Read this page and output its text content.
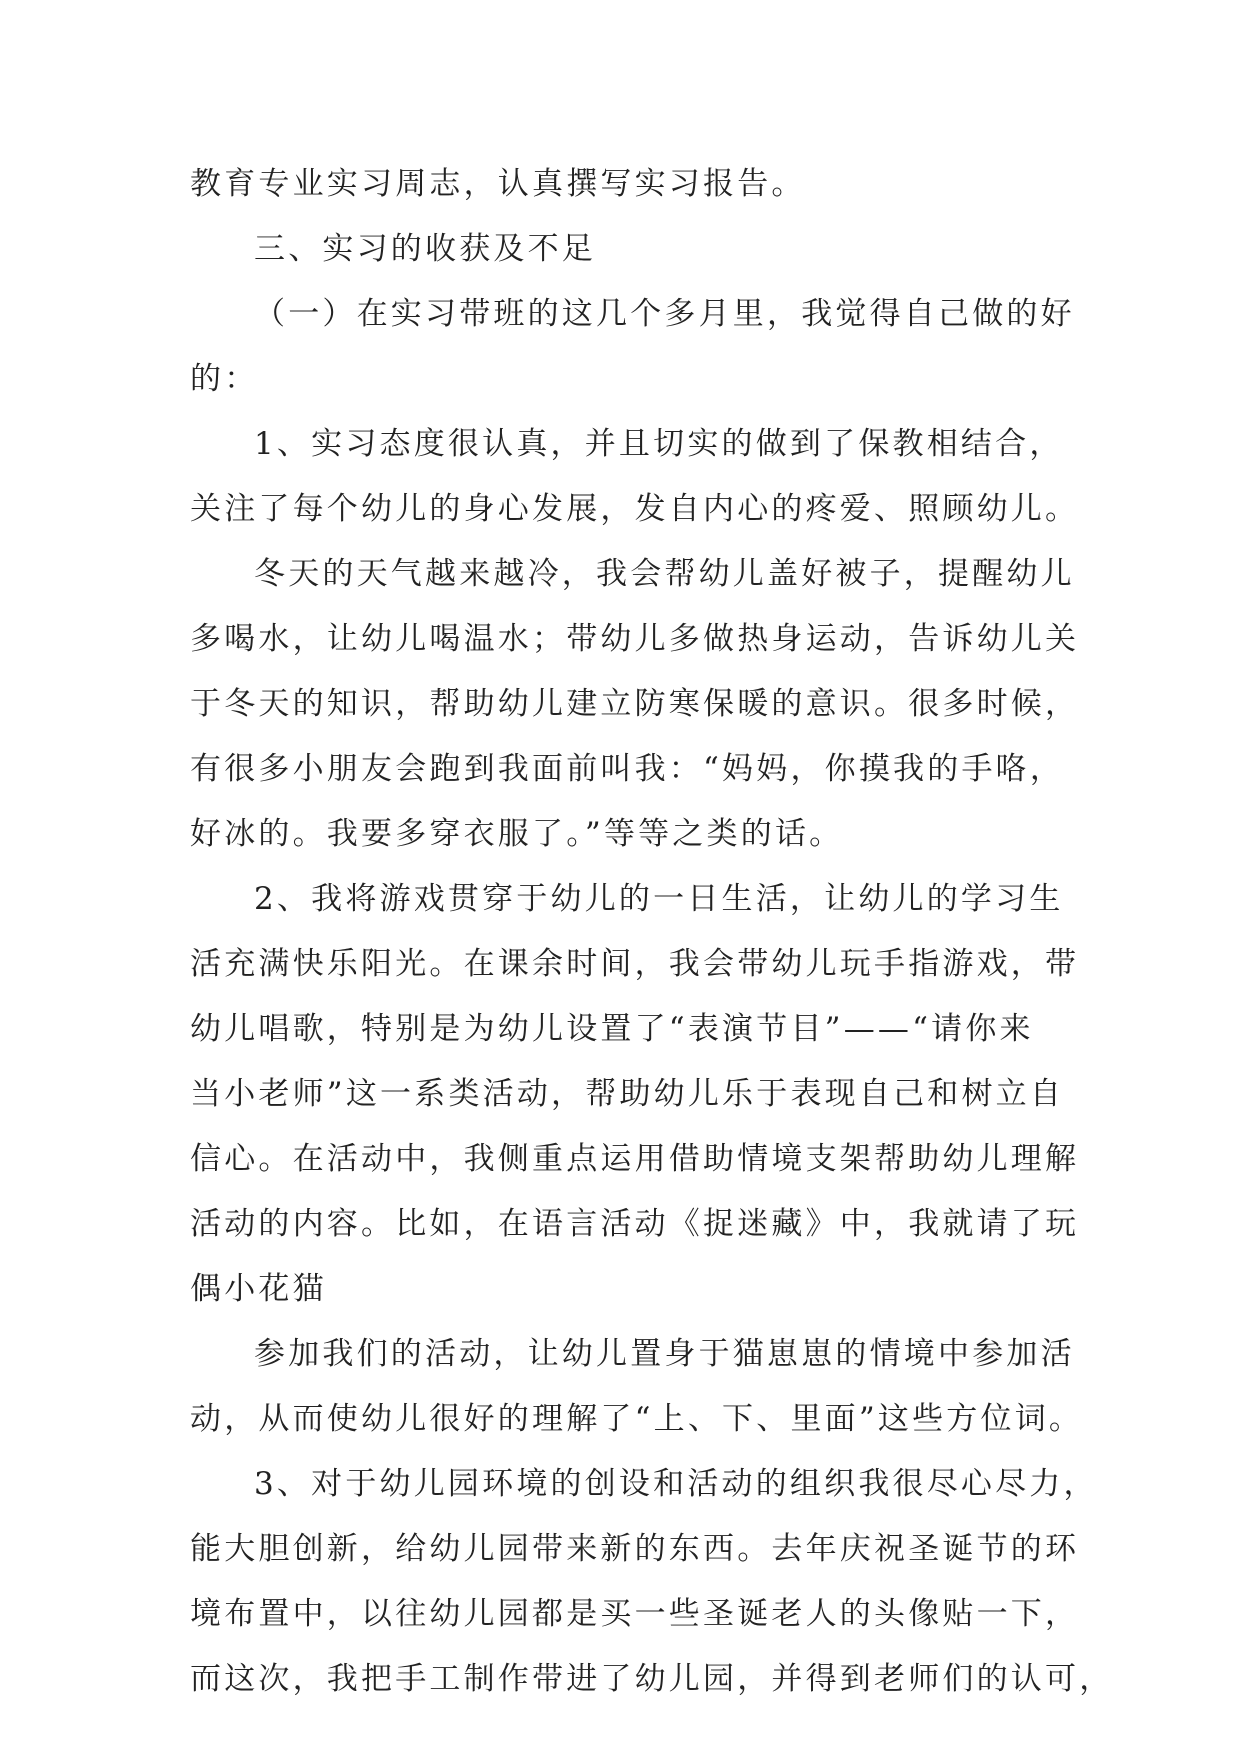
教育专业实习周志，认真撰写实习报告。
三、实习的收获及不足
（一）在实习带班的这几个多月里，我觉得自己做的好
的：
1、实习态度很认真，并且切实的做到了保教相结合，
关注了每个幼儿的身心发展，发自内心的疼爱、照顾幼儿。
冬天的天气越来越冷，我会帮幼儿盖好被子，提醒幼儿
多喝水，让幼儿喝温水；带幼儿多做热身运动，告诉幼儿关
于冬天的知识，帮助幼儿建立防寒保暖的意识。很多时候，
有很多小朋友会跑到我面前叫我：“妈妈，你摸我的手咯，
好冰的。我要多穿衣服了。”等等之类的话。
2、我将游戏贯穿于幼儿的一日生活，让幼儿的学习生
活充满快乐阳光。在课余时间，我会带幼儿玩手指游戏，带
幼儿唱歌，特别是为幼儿设置了“表演节目”——“请你来
当小老师”这一系类活动，帮助幼儿乐于表现自己和树立自
信心。在活动中，我侧重点运用借助情境支架帮助幼儿理解
活动的内容。比如，在语言活动《捉迷藏》中，我就请了玩
偶小花猫
参加我们的活动，让幼儿置身于猫崽崽的情境中参加活
动，从而使幼儿很好的理解了“上、下、里面”这些方位词。
3、对于幼儿园环境的创设和活动的组织我很尽心尽力，
能大胆创新，给幼儿园带来新的东西。去年庆祝圣诞节的环
境布置中，以往幼儿园都是买一些圣诞老人的头像贴一下，
而这次，我把手工制作带进了幼儿园，并得到老师们的认可，
